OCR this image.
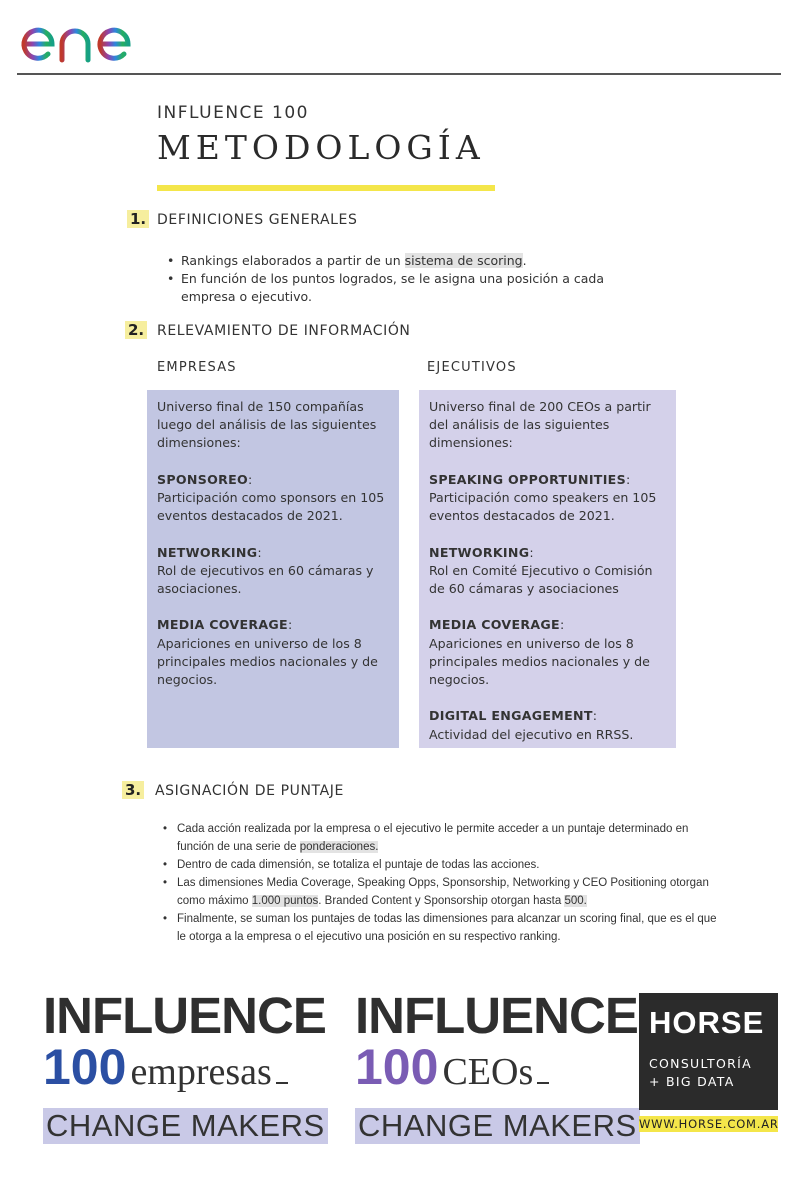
enel
INFLUENCE 100
METODOLOGÍA
1. DEFINICIONES GENERALES
• Rankings elaborados a partir de un sistema de scoring.
• En función de los puntos logrados, se le asigna una posición a cada empresa o ejecutivo.
2. RELEVAMIENTO DE INFORMACIÓN
EMPRESAS	EJECUTIVOS

Universo final de 150 compañías luego del análisis de las siguientes dimensiones:

SPONSOREO:
Participación como sponsors en 105 eventos destacados de 2021.

NETWORKING:
Rol de ejecutivos en 60 cámaras y asociaciones.

MEDIA COVERAGE:
Apariciones en universo de los 8 principales medios nacionales y de negocios.

Universo final de 200 CEOs a partir del análisis de las siguientes dimensiones:

SPEAKING OPPORTUNITIES:
Participación como speakers en 105 eventos destacados de 2021.

NETWORKING:
Rol en Comité Ejecutivo o Comisión de 60 cámaras y asociaciones

MEDIA COVERAGE:
Apariciones en universo de los 8 principales medios nacionales y de negocios.

DIGITAL ENGAGEMENT:
Actividad del ejecutivo en RRSS.

3. ASIGNACIÓN DE PUNTAJE
• Cada acción realizada por la empresa o el ejecutivo le permite acceder a un puntaje determinado en función de una serie de ponderaciones.
• Dentro de cada dimensión, se totaliza el puntaje de todas las acciones.
• Las dimensiones Media Coverage, Speaking Opps, Sponsorship, Networking y CEO Positioning otorgan como máximo 1.000 puntos. Branded Content y Sponsorship otorgan hasta 500.
• Finalmente, se suman los puntajes de todas las dimensiones para alcanzar un scoring final, que es el que le otorga a la empresa o el ejecutivo una posición en su respectivo ranking.
INFLUENCE
100 empresas
CHANGE MAKERS
INFLUENCE
100 CEOs
CHANGE MAKERS
HORSE
CONSULTORÍA
+ BIG DATA
WWW.HORSE.COM.AR
